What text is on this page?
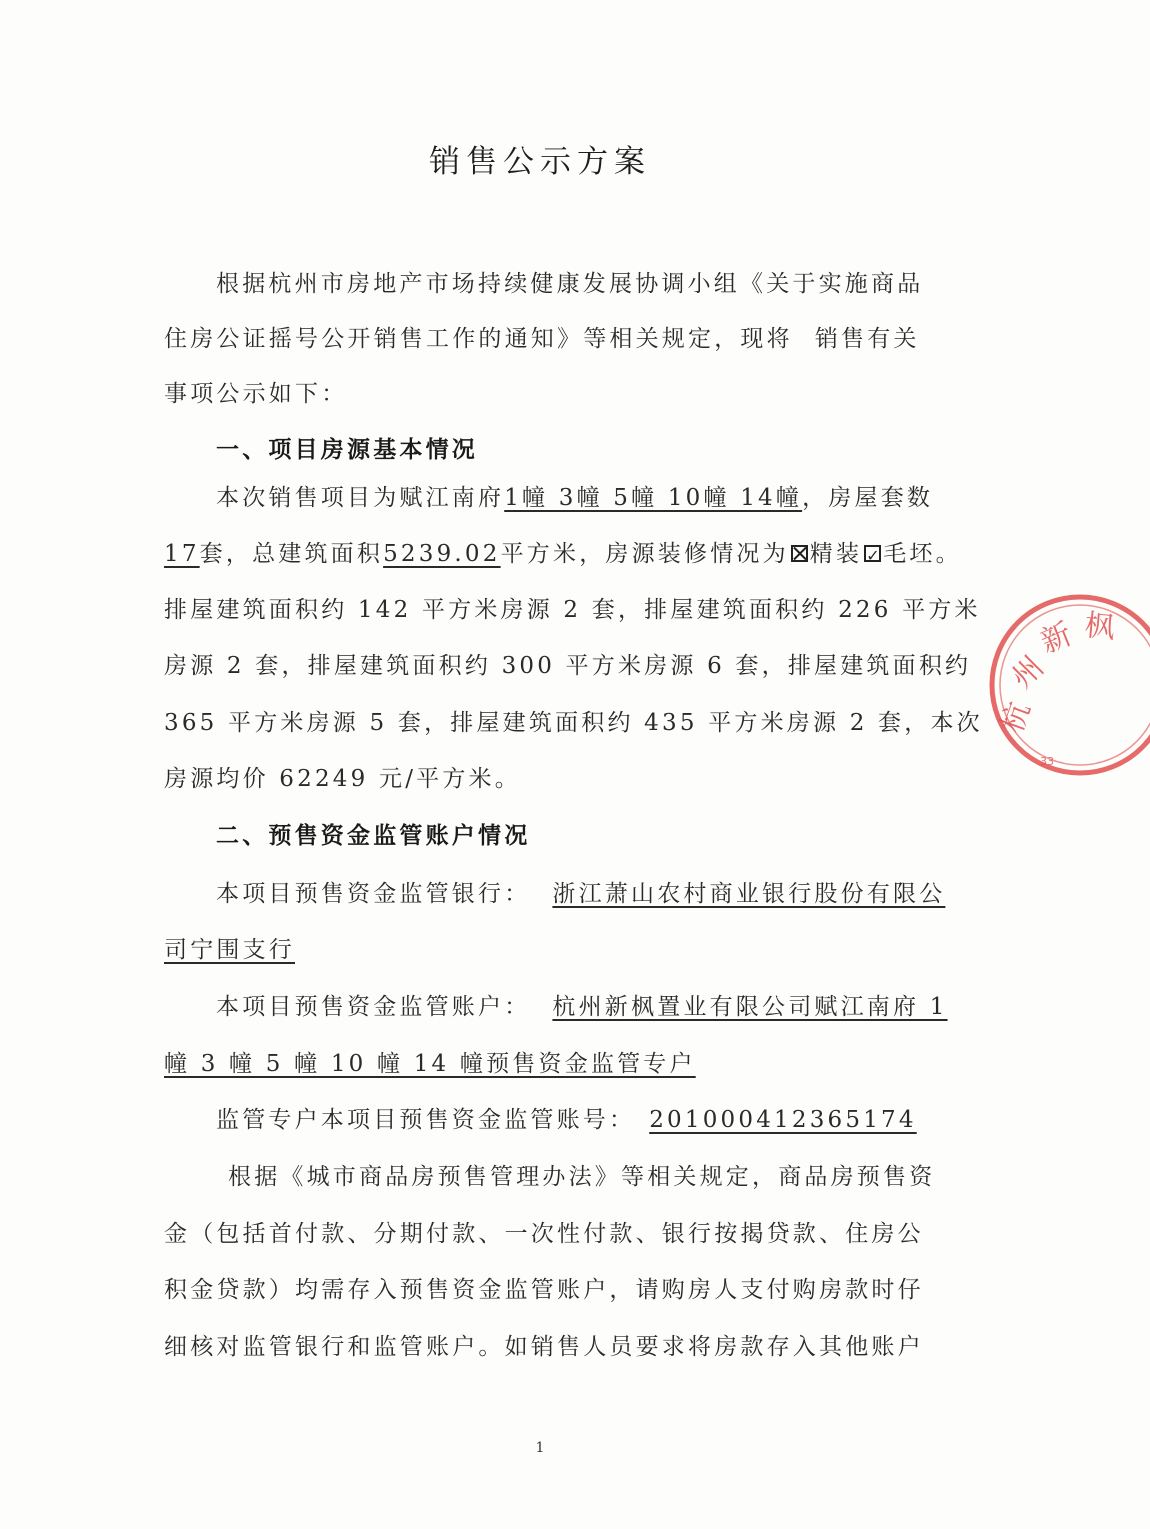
销售公示方案
根据杭州市房地产市场持续健康发展协调小组《关于实施商品
住房公证摇号公开销售工作的通知》等相关规定，现将 销售有关
事项公示如下：
一、项目房源基本情况
本次销售项目为赋江南府1幢 3幢 5幢 10幢 14幢，房屋套数
17套，总建筑面积5239.02平方米，房源装修情况为 精装✓ 毛坯。
排屋建筑面积约 142 平方米房源 2 套，排屋建筑面积约 226 平方米
房源 2 套，排屋建筑面积约 300 平方米房源 6 套，排屋建筑面积约
365 平方米房源 5 套，排屋建筑面积约 435 平方米房源 2 套，本次
房源均价 62249 元/平方米。
二、预售资金监管账户情况
本项目预售资金监管银行： 浙江萧山农村商业银行股份有限公
司宁围支行
本项目预售资金监管账户： 杭州新枫置业有限公司赋江南府 1
幢 3 幢 5 幢 10 幢 14 幢预售资金监管专户
监管专户本项目预售资金监管账号： 201000412365174
根据《城市商品房预售管理办法》等相关规定，商品房预售资
金（包括首付款、分期付款、一次性付款、银行按揭贷款、住房公
积金贷款）均需存入预售资金监管账户，请购房人支付购房款时仔
细核对监管银行和监管账户。如销售人员要求将房款存入其他账户
1
杭
州
新 枫
33
